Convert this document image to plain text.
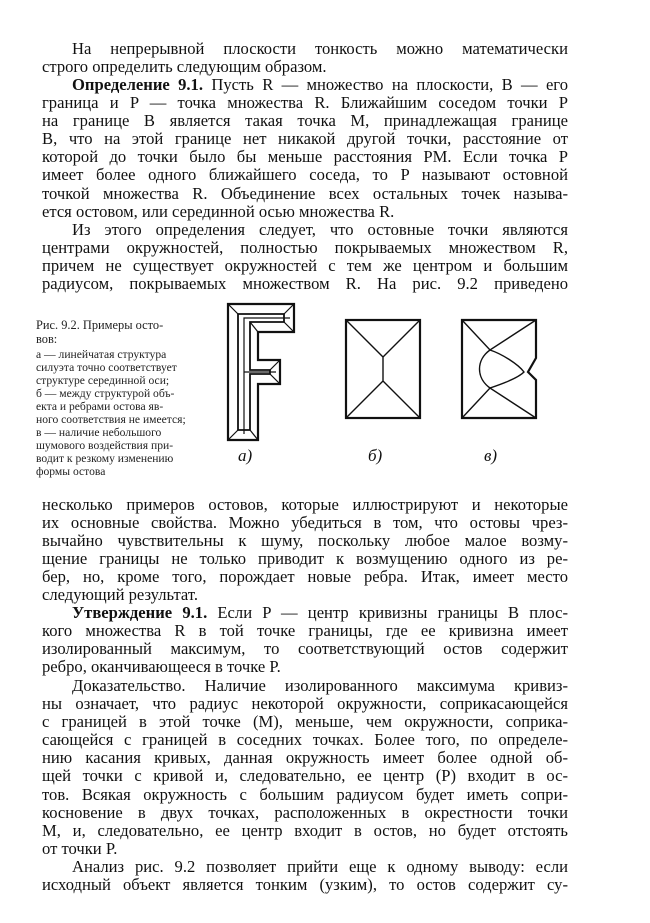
На непрерывной плоскости тонкость можно математически
строго определить следующим образом.
Определение 9.1. Пусть R — множество на плоскости, B — его
граница и P — точка множества R. Ближайшим соседом точки P
на границе B является такая точка M, принадлежащая границе
B, что на этой границе нет никакой другой точки, расстояние от
которой до точки было бы меньше расстояния PM. Если точка P
имеет более одного ближайшего соседа, то P называют остовной
точкой множества R. Объединение всех остальных точек называ-
ется остовом, или серединной осью множества R.
Из этого определения следует, что остовные точки являются
центрами окружностей, полностью покрываемых множеством R,
причем не существует окружностей с тем же центром и большим
радиусом, покрываемых множеством R. На рис. 9.2 приведено
Рис. 9.2. Примеры осто-
вов:
а — линейчатая структура
силуэта точно соответствует
структуре серединной оси;
б — между структурой объ-
екта и ребрами остова яв-
ного соответствия не имеется;
в — наличие небольшого
шумового воздействия при-
водит к резкому изменению
формы остова
а)	б)	в)
несколько примеров остовов, которые иллюстрируют и некоторые
их основные свойства. Можно убедиться в том, что остовы чрез-
вычайно чувствительны к шуму, поскольку любое малое возму-
щение границы не только приводит к возмущению одного из ре-
бер, но, кроме того, порождает новые ребра. Итак, имеет место
следующий результат.
Утверждение 9.1. Если P — центр кривизны границы B плос-
кого множества R в той точке границы, где ее кривизна имеет
изолированный максимум, то соответствующий остов содержит
ребро, оканчивающееся в точке Р.
Доказательство. Наличие изолированного максимума кривиз-
ны означает, что радиус некоторой окружности, соприкасающейся
с границей в этой точке (M), меньше, чем окружности, соприка-
сающейся с границей в соседних точках. Более того, по определе-
нию касания кривых, данная окружность имеет более одной об-
щей точки с кривой и, следовательно, ее центр (P) входит в ос-
тов. Всякая окружность с большим радиусом будет иметь сопри-
косновение в двух точках, расположенных в окрестности точки
M, и, следовательно, ее центр входит в остов, но будет отстоять
от точки P.
Анализ рис. 9.2 позволяет прийти еще к одному выводу: если
исходный объект является тонким (узким), то остов содержит су-
